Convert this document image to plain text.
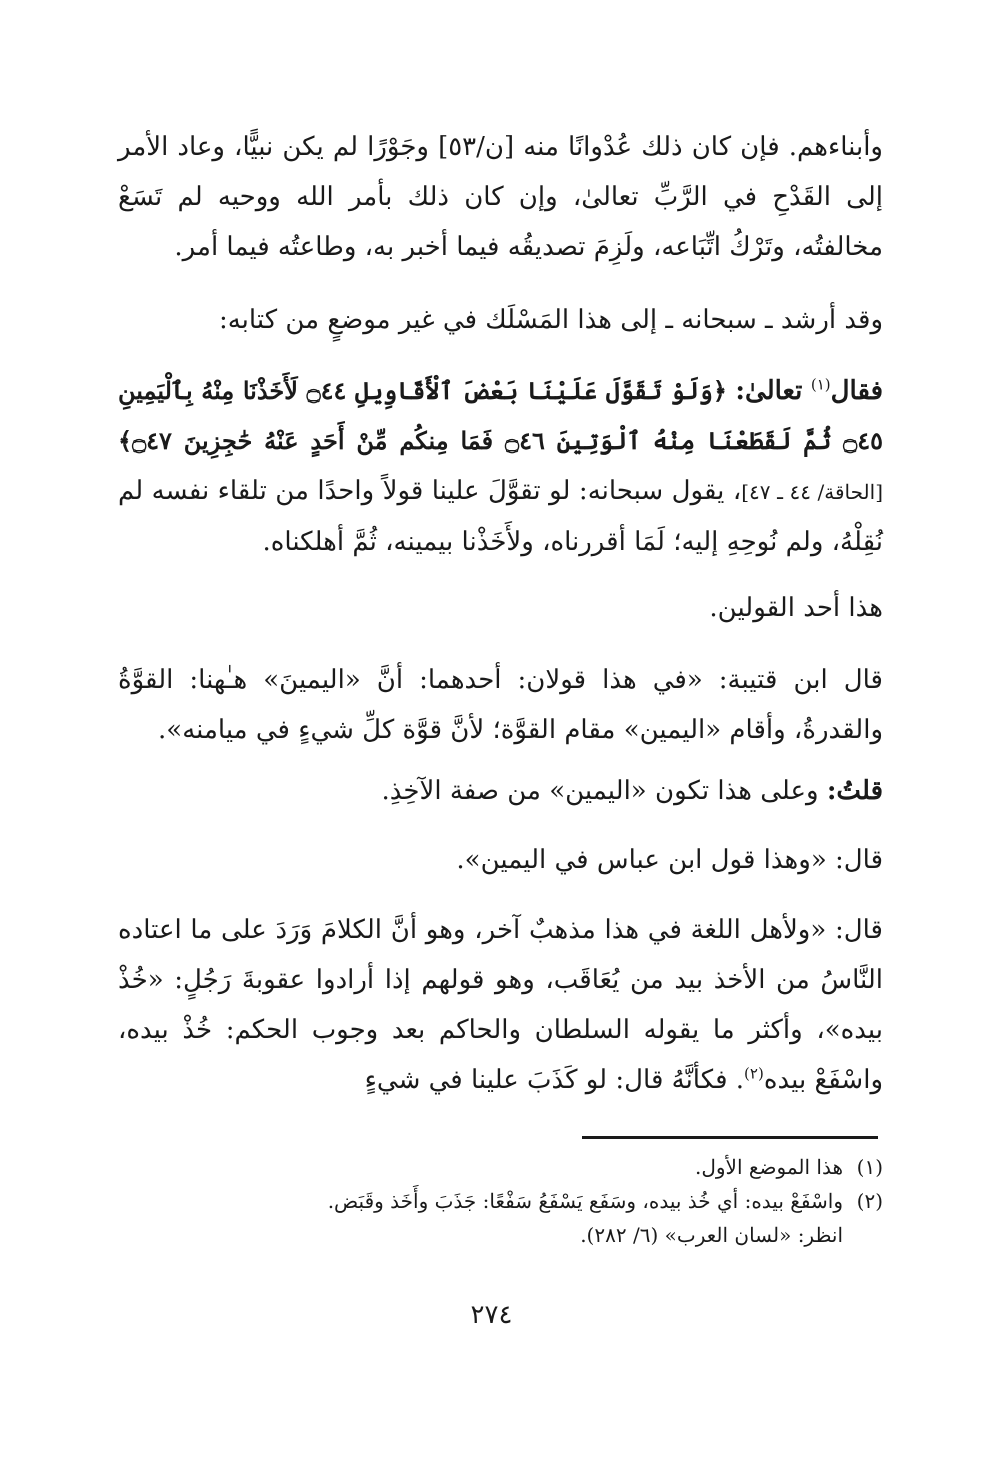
وأبناءهم. فإن كان ذلك عُدْوانًا منه [ن/٥٣] وجَوْرًا لم يكن نبيًّا، وعاد الأمر إلى القَدْحِ في الرَّبِّ تعالىٰ، وإن كان ذلك بأمر الله ووحيه لم تَسَعْ مخالفتُه، وتَرْكُ اتِّبَاعه، ولَزِمَ تصديقُه فيما أخبر به، وطاعتُه فيما أمر.

وقد أرشد ـ سبحانه ـ إلى هذا المَسْلَك في غير موضعٍ من كتابه:

فقال$^{(١)}$ تعالىٰ: ﴿وَلَوْ تَقَوَّلَ عَلَيْنَا بَعْضَ ٱلْأَقَاوِيلِ ۝٤٤ لَأَخَذْنَا مِنْهُ بِٱلْيَمِينِ ۝٤٥ ثُمَّ لَقَطَعْنَا مِنْهُ ٱلْوَتِينَ ۝٤٦ فَمَا مِنكُم مِّنْ أَحَدٍ عَنْهُ حَٰجِزِينَ ۝٤٧﴾ [الحاقة/ ٤٤ ـ ٤٧]، يقول سبحانه: لو تقوَّلَ علينا قولاً واحدًا من تلقاء نفسه لم نُقِلْهُ، ولم نُوحِهِ إليه؛ لَمَا أقررناه، ولأَخَذْنا بيمينه، ثُمَّ أهلكناه.

هذا أحد القولين.

قال ابن قتيبة: «في هذا قولان: أحدهما: أنَّ «اليمينَ» هـٰهنا: القوَّةُ والقدرةُ، وأقام «اليمين» مقام القوَّة؛ لأنَّ قوَّة كلِّ شيءٍ في ميامنه».

قلتُ: وعلى هذا تكون «اليمين» من صفة الآخِذِ.

قال: «وهذا قول ابن عباس في اليمين».

قال: «ولأهل اللغة في هذا مذهبٌ آخر، وهو أنَّ الكلامَ وَرَدَ على ما اعتاده النَّاسُ من الأخذ بيد من يُعَاقَب، وهو قولهم إذا أرادوا عقوبةَ رَجُلٍ: «خُذْ بيده»، وأكثر ما يقوله السلطان والحاكم بعد وجوب الحكم: خُذْ بيده، واسْفَعْ بيده$^{(٢)}$. فكأنَّهُ قال: لو كَذَبَ علينا في شيءٍ

(١)هذا الموضع الأول.
(٢)واسْفَعْ بيده: أي خُذ بيده، وسَفَع يَسْفَعُ سَفْعًا: جَذَبَ وأَخَذ وقَبَض.
انظر: «لسان العرب» (٦/ ٢٨٢).
٢٧٤
